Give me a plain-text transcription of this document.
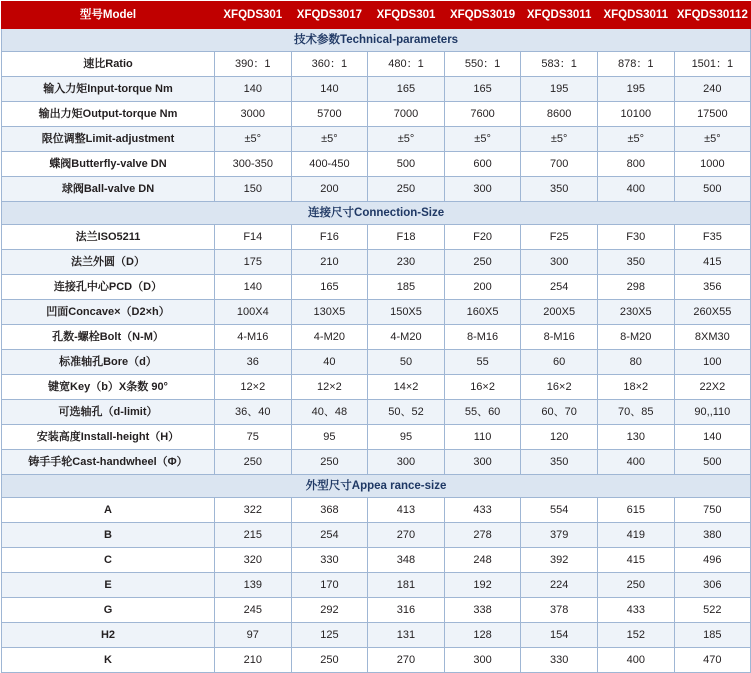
型号Model	XFQDS301	XFQDS3017	XFQDS301	XFQDS3019	XFQDS3011	XFQDS3011	XFQDS30112
技术参数Technical-parameters							
速比Ratio	390：1	360：1	480：1	550：1	583：1	878：1	1501：1
输入力矩Input-torque Nm	140	140	165	165	195	195	240
输出力矩Output-torque Nm	3000	5700	7000	7600	8600	10100	17500
限位调整Limit-adjustment	±5°	±5°	±5°	±5°	±5°	±5°	±5°
蝶阀Butterfly-valve DN	300-350	400-450	500	600	700	800	1000
球阀Ball-valve DN	150	200	250	300	350	400	500
连接尺寸Connection-Size							
法兰ISO5211	F14	F16	F18	F20	F25	F30	F35
法兰外圆（D）	175	210	230	250	300	350	415
连接孔中心PCD（D）	140	165	185	200	254	298	356
凹面Concave×（D2×h）	100X4	130X5	150X5	160X5	200X5	230X5	260X55
孔数-螺栓Bolt（N-M）	4-M16	4-M20	4-M20	8-M16	8-M16	8-M20	8XM30
标准轴孔Bore（d）	36	40	50	55	60	80	100
键宽Key（b）X条数 90°	12×2	12×2	14×2	16×2	16×2	18×2	22X2
可选轴孔（d-limit）	36、40	40、48	50、52	55、60	60、70	70、85	90,,110
安装高度Install-height（H）	75	95	95	110	120	130	140
铸手手轮Cast-handwheel（Φ）	250	250	300	300	350	400	500
外型尺寸Appea rance-size							
A	322	368	413	433	554	615	750
B	215	254	270	278	379	419	380
C	320	330	348	248	392	415	496
E	139	170	181	192	224	250	306
G	245	292	316	338	378	433	522
H2	97	125	131	128	154	152	185
K	210	250	270	300	330	400	470
